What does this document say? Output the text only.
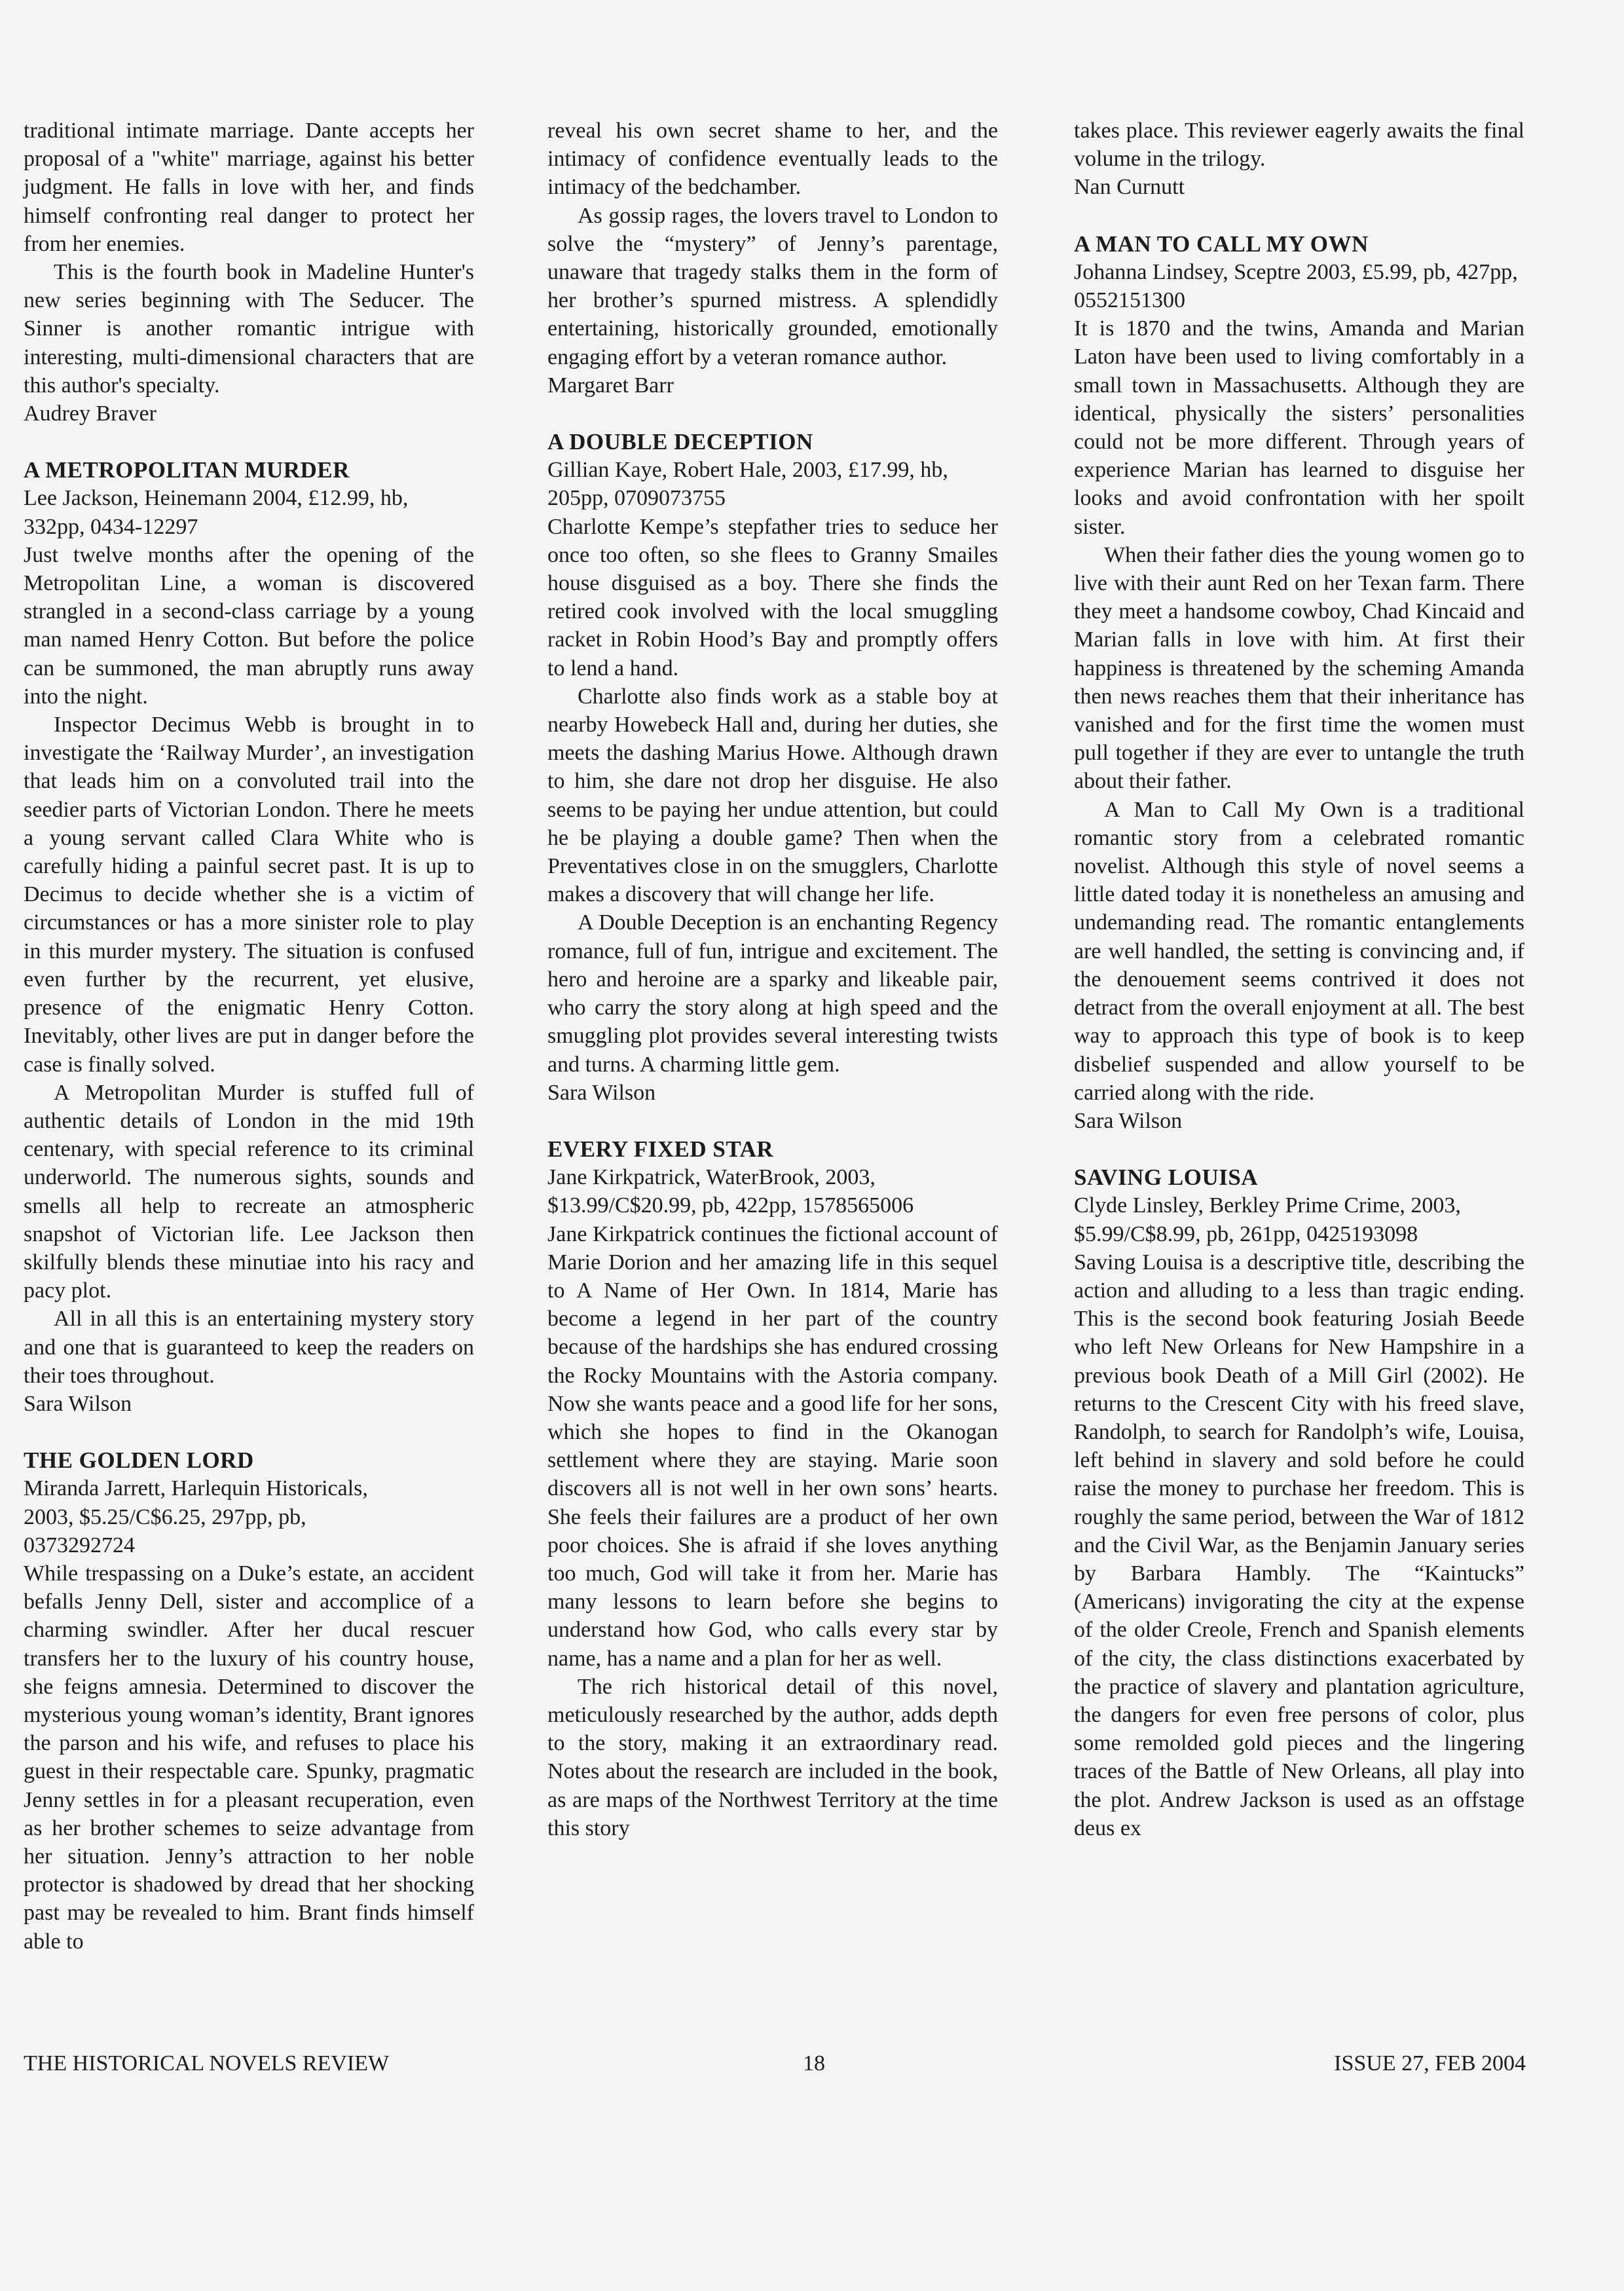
traditional intimate marriage. Dante accepts her proposal of a "white" marriage, against his better judgment. He falls in love with her, and finds himself confronting real danger to protect her from her enemies.

This is the fourth book in Madeline Hunter's new series beginning with The Seducer. The Sinner is another romantic intrigue with interesting, multi-dimensional characters that are this author's specialty.

Audrey Braver

A METROPOLITAN MURDER

Lee Jackson, Heinemann 2004, £12.99, hb, 332pp, 0434-12297

Just twelve months after the opening of the Metropolitan Line, a woman is discovered strangled in a second-class carriage by a young man named Henry Cotton. But before the police can be summoned, the man abruptly runs away into the night.

Inspector Decimus Webb is brought in to investigate the ‘Railway Murder’, an investigation that leads him on a convoluted trail into the seedier parts of Victorian London. There he meets a young servant called Clara White who is carefully hiding a painful secret past. It is up to Decimus to decide whether she is a victim of circumstances or has a more sinister role to play in this murder mystery. The situation is confused even further by the recurrent, yet elusive, presence of the enigmatic Henry Cotton. Inevitably, other lives are put in danger before the case is finally solved.

A Metropolitan Murder is stuffed full of authentic details of London in the mid 19th centenary, with special reference to its criminal underworld. The numerous sights, sounds and smells all help to recreate an atmospheric snapshot of Victorian life. Lee Jackson then skilfully blends these minutiae into his racy and pacy plot.

All in all this is an entertaining mystery story and one that is guaranteed to keep the readers on their toes throughout.

Sara Wilson

THE GOLDEN LORD

Miranda Jarrett, Harlequin Historicals,

2003, $5.25/C$6.25, 297pp, pb,

0373292724

While trespassing on a Duke’s estate, an accident befalls Jenny Dell, sister and accomplice of a charming swindler. After her ducal rescuer transfers her to the luxury of his country house, she feigns amnesia. Determined to discover the mysterious young woman’s identity, Brant ignores the parson and his wife, and refuses to place his guest in their respectable care. Spunky, pragmatic Jenny settles in for a pleasant recuperation, even as her brother schemes to seize advantage from her situation. Jenny’s attraction to her noble protector is shadowed by dread that her shocking past may be revealed to him. Brant finds himself able to

reveal his own secret shame to her, and the intimacy of confidence eventually leads to the intimacy of the bedchamber.

As gossip rages, the lovers travel to London to solve the “mystery” of Jenny’s parentage, unaware that tragedy stalks them in the form of her brother’s spurned mistress. A splendidly entertaining, historically grounded, emotionally engaging effort by a veteran romance author.

Margaret Barr

A DOUBLE DECEPTION

Gillian Kaye, Robert Hale, 2003, £17.99, hb, 205pp, 0709073755

Charlotte Kempe’s stepfather tries to seduce her once too often, so she flees to Granny Smailes house disguised as a boy. There she finds the retired cook involved with the local smuggling racket in Robin Hood’s Bay and promptly offers to lend a hand.

Charlotte also finds work as a stable boy at nearby Howebeck Hall and, during her duties, she meets the dashing Marius Howe. Although drawn to him, she dare not drop her disguise. He also seems to be paying her undue attention, but could he be playing a double game? Then when the Preventatives close in on the smugglers, Charlotte makes a discovery that will change her life.

A Double Deception is an enchanting Regency romance, full of fun, intrigue and excitement. The hero and heroine are a sparky and likeable pair, who carry the story along at high speed and the smuggling plot provides several interesting twists and turns. A charming little gem.

Sara Wilson

EVERY FIXED STAR

Jane Kirkpatrick, WaterBrook, 2003,

$13.99/C$20.99, pb, 422pp, 1578565006

Jane Kirkpatrick continues the fictional account of Marie Dorion and her amazing life in this sequel to A Name of Her Own. In 1814, Marie has become a legend in her part of the country because of the hardships she has endured crossing the Rocky Mountains with the Astoria company. Now she wants peace and a good life for her sons, which she hopes to find in the Okanogan settlement where they are staying. Marie soon discovers all is not well in her own sons’ hearts. She feels their failures are a product of her own poor choices. She is afraid if she loves anything too much, God will take it from her. Marie has many lessons to learn before she begins to understand how God, who calls every star by name, has a name and a plan for her as well.

The rich historical detail of this novel, meticulously researched by the author, adds depth to the story, making it an extraordinary read. Notes about the research are included in the book, as are maps of the Northwest Territory at the time this story

takes place. This reviewer eagerly awaits the final volume in the trilogy.

Nan Curnutt

A MAN TO CALL MY OWN

Johanna Lindsey, Sceptre 2003, £5.99, pb, 427pp, 0552151300

It is 1870 and the twins, Amanda and Marian Laton have been used to living comfortably in a small town in Massachusetts. Although they are identical, physically the sisters’ personalities could not be more different. Through years of experience Marian has learned to disguise her looks and avoid confrontation with her spoilt sister.

When their father dies the young women go to live with their aunt Red on her Texan farm. There they meet a handsome cowboy, Chad Kincaid and Marian falls in love with him. At first their happiness is threatened by the scheming Amanda then news reaches them that their inheritance has vanished and for the first time the women must pull together if they are ever to untangle the truth about their father.

A Man to Call My Own is a traditional romantic story from a celebrated romantic novelist. Although this style of novel seems a little dated today it is nonetheless an amusing and undemanding read. The romantic entanglements are well handled, the setting is convincing and, if the denouement seems contrived it does not detract from the overall enjoyment at all. The best way to approach this type of book is to keep disbelief suspended and allow yourself to be carried along with the ride.

Sara Wilson

SAVING LOUISA

Clyde Linsley, Berkley Prime Crime, 2003, $5.99/C$8.99, pb, 261pp, 0425193098

Saving Louisa is a descriptive title, describing the action and alluding to a less than tragic ending. This is the second book featuring Josiah Beede who left New Orleans for New Hampshire in a previous book Death of a Mill Girl (2002). He returns to the Crescent City with his freed slave, Randolph, to search for Randolph’s wife, Louisa, left behind in slavery and sold before he could raise the money to purchase her freedom. This is roughly the same period, between the War of 1812 and the Civil War, as the Benjamin January series by Barbara Hambly. The “Kaintucks” (Americans) invigorating the city at the expense of the older Creole, French and Spanish elements of the city, the class distinctions exacerbated by the practice of slavery and plantation agriculture, the dangers for even free persons of color, plus some remolded gold pieces and the lingering traces of the Battle of New Orleans, all play into the plot. Andrew Jackson is used as an offstage deus ex

THE HISTORICAL NOVELS REVIEW	18	ISSUE 27, FEB 2004
